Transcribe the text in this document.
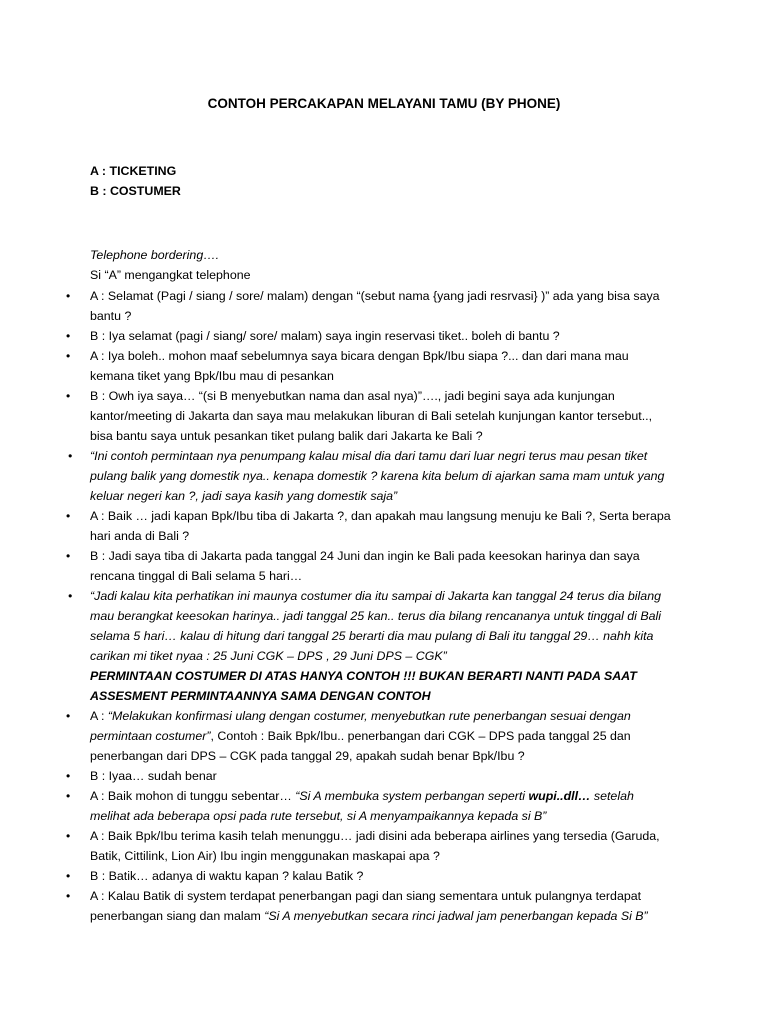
CONTOH PERCAKAPAN MELAYANI TAMU (BY PHONE)
A : TICKETING
B : COSTUMER
Telephone bordering….
Si “A” mengangkat telephone
•	A : Selamat (Pagi / siang / sore/ malam) dengan “(sebut nama {yang jadi resrvasi} )” ada yang bisa saya bantu ?
•	B : Iya selamat (pagi / siang/ sore/ malam) saya ingin reservasi tiket.. boleh di bantu ?
•	A : Iya boleh.. mohon maaf sebelumnya saya bicara dengan Bpk/Ibu siapa ?... dan dari mana mau kemana tiket yang Bpk/Ibu mau di pesankan
•	B : Owh iya saya… “(si B menyebutkan nama dan asal nya)”…., jadi begini saya ada kunjungan kantor/meeting di Jakarta dan saya mau melakukan liburan di Bali setelah kunjungan kantor tersebut.., bisa bantu saya untuk pesankan tiket pulang balik dari Jakarta ke Bali ?
•	“Ini contoh permintaan nya penumpang kalau misal dia dari tamu dari luar negri terus mau pesan tiket pulang balik yang domestik nya.. kenapa domestik ? karena kita belum di ajarkan sama mam untuk yang keluar negeri kan ?, jadi saya kasih yang domestik saja”
•	A : Baik … jadi kapan Bpk/Ibu tiba di Jakarta ?, dan apakah mau langsung menuju ke Bali ?, Serta berapa hari anda di Bali ?
•	B : Jadi saya tiba di Jakarta pada tanggal 24 Juni dan ingin ke Bali pada keesokan harinya dan saya rencana tinggal di Bali selama 5 hari…
•	“Jadi kalau kita perhatikan ini maunya costumer dia itu sampai di Jakarta kan tanggal 24 terus dia bilang mau berangkat keesokan harinya.. jadi tanggal 25 kan.. terus dia bilang rencananya untuk tinggal di Bali selama 5 hari… kalau di hitung dari tanggal 25 berarti dia mau pulang di Bali itu tanggal 29… nahh kita carikan mi tiket nyaa : 25 Juni CGK – DPS , 29 Juni DPS – CGK”
PERMINTAAN COSTUMER DI ATAS HANYA CONTOH !!! BUKAN BERARTI NANTI PADA SAAT ASSESMENT PERMINTAANNYA SAMA DENGAN CONTOH
•	A : “Melakukan konfirmasi ulang dengan costumer, menyebutkan rute penerbangan sesuai dengan permintaan costumer”, Contoh : Baik Bpk/Ibu.. penerbangan dari CGK – DPS pada tanggal 25 dan penerbangan dari DPS – CGK pada tanggal 29, apakah sudah benar Bpk/Ibu ?
•	B : Iyaa… sudah benar
•	A : Baik mohon di tunggu sebentar… “Si A membuka system perbangan seperti wupi..dll… setelah melihat ada beberapa opsi pada rute tersebut, si A menyampaikannya kepada si B”
•	A : Baik Bpk/Ibu terima kasih telah menunggu… jadi disini ada beberapa airlines yang tersedia (Garuda, Batik, Cittilink, Lion Air) Ibu ingin menggunakan maskapai apa ?
•	B : Batik… adanya di waktu kapan ? kalau Batik ?
•	A : Kalau Batik di system terdapat penerbangan pagi dan siang sementara untuk pulangnya terdapat penerbangan siang dan malam “Si A menyebutkan secara rinci jadwal jam penerbangan kepada Si B”
